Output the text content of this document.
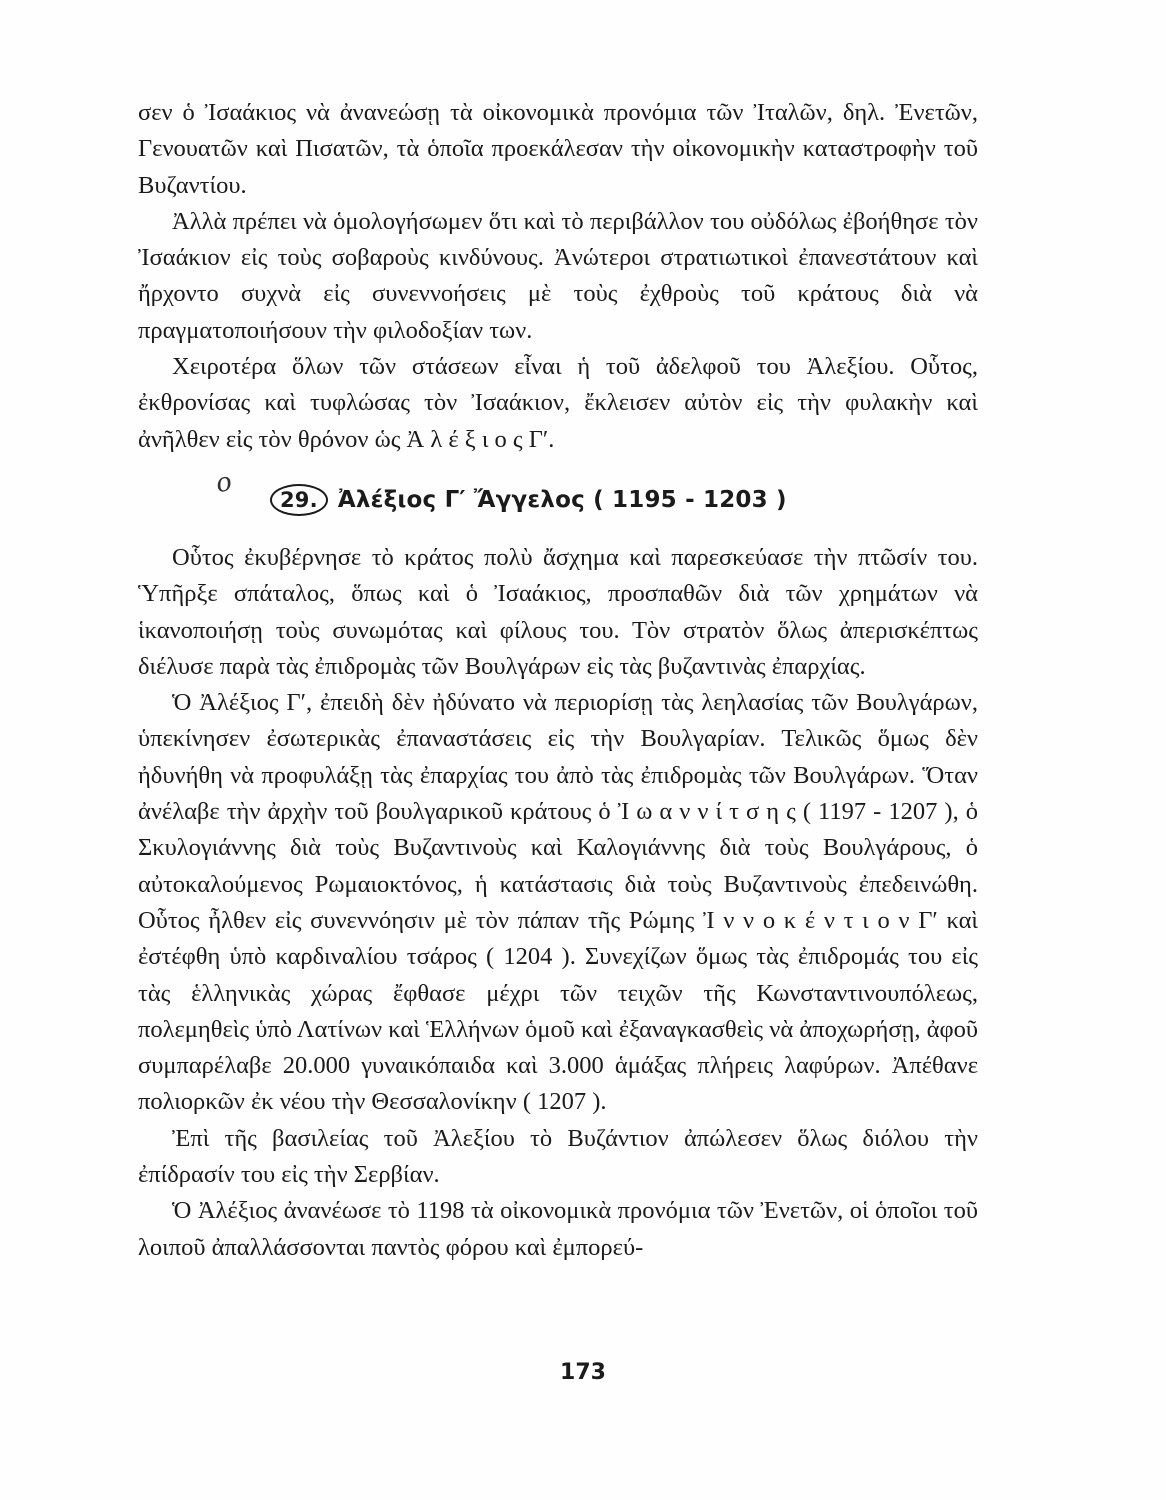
σεν ὁ Ἰσαάκιος νὰ ἀνανεώσῃ τὰ οἰκονομικὰ προνόμια τῶν Ἰταλῶν, δηλ. Ἐνετῶν, Γενουατῶν καὶ Πισατῶν, τὰ ὁποῖα προεκάλεσαν τὴν οἰκονομικὴν καταστροφὴν τοῦ Βυζαντίου.

Ἀλλὰ πρέπει νὰ ὁμολογήσωμεν ὅτι καὶ τὸ περιβάλλον του οὐδόλως ἐβοήθησε τὸν Ἰσαάκιον εἰς τοὺς σοβαροὺς κινδύνους. Ἀνώτεροι στρατιωτικοὶ ἐπανεστάτουν καὶ ἤρχοντο συχνὰ εἰς συνεννοήσεις μὲ τοὺς ἐχθροὺς τοῦ κράτους διὰ νὰ πραγματοποιήσουν τὴν φιλοδοξίαν των.

Χειροτέρα ὅλων τῶν στάσεων εἶναι ἡ τοῦ ἀδελφοῦ του Ἀλεξίου. Οὗτος, ἐκθρονίσας καὶ τυφλώσας τὸν Ἰσαάκιον, ἔκλεισεν αὐτὸν εἰς τὴν φυλακὴν καὶ ἀνῆλθεν εἰς τὸν θρόνον ὡς Ἀ λ έ ξ ι ο ς Γ′.

ο
29. Ἀλέξιος Γ′ Ἄγγελος ( 1195 - 1203 )

Οὗτος ἐκυβέρνησε τὸ κράτος πολὺ ἄσχημα καὶ παρεσκεύασε τὴν πτῶσίν του. Ὑπῆρξε σπάταλος, ὅπως καὶ ὁ Ἰσαάκιος, προσπαθῶν διὰ τῶν χρημάτων νὰ ἱκανοποιήσῃ τοὺς συνωμότας καὶ φίλους του. Τὸν στρατὸν ὅλως ἀπερισκέπτως διέλυσε παρὰ τὰς ἐπιδρομὰς τῶν Βουλγάρων εἰς τὰς βυζαντινὰς ἐπαρχίας.

Ὁ Ἀλέξιος Γ′, ἐπειδὴ δὲν ἠδύνατο νὰ περιορίσῃ τὰς λεηλασίας τῶν Βουλγάρων, ὑπεκίνησεν ἐσωτερικὰς ἐπαναστάσεις εἰς τὴν Βουλγαρίαν. Τελικῶς ὅμως δὲν ἠδυνήθη νὰ προφυλάξῃ τὰς ἐπαρχίας του ἀπὸ τὰς ἐπιδρομὰς τῶν Βουλγάρων. Ὅταν ἀνέλαβε τὴν ἀρχὴν τοῦ βουλγαρικοῦ κράτους ὁ Ἰ ω α ν ν ί τ σ η ς ( 1197 - 1207 ), ὁ Σκυλογιάννης διὰ τοὺς Βυζαντινοὺς καὶ Καλογιάννης διὰ τοὺς Βουλγάρους, ὁ αὐτοκαλούμενος Ρωμαιοκτόνος, ἡ κατάστασις διὰ τοὺς Βυζαντινοὺς ἐπεδεινώθη. Οὗτος ἦλθεν εἰς συνεννόησιν μὲ τὸν πάπαν τῆς Ρώμης Ἰ ν ν ο κ έ ν τ ι ο ν Γ′ καὶ ἐστέφθη ὑπὸ καρδιναλίου τσάρος ( 1204 ). Συνεχίζων ὅμως τὰς ἐπιδρομάς του εἰς τὰς ἑλληνικὰς χώρας ἔφθασε μέχρι τῶν τειχῶν τῆς Κωνσταντινουπόλεως, πολεμηθεὶς ὑπὸ Λατίνων καὶ Ἑλλήνων ὁμοῦ καὶ ἐξαναγκασθεὶς νὰ ἀποχωρήσῃ, ἀφοῦ συμπαρέλαβε 20.000 γυναικόπαιδα καὶ 3.000 ἁμάξας πλήρεις λαφύρων. Ἀπέθανε πολιορκῶν ἐκ νέου τὴν Θεσσαλονίκην ( 1207 ).

Ἐπὶ τῆς βασιλείας τοῦ Ἀλεξίου τὸ Βυζάντιον ἀπώλεσεν ὅλως διόλου τὴν ἐπίδρασίν του εἰς τὴν Σερβίαν.

Ὁ Ἀλέξιος ἀνανέωσε τὸ 1198 τὰ οἰκονομικὰ προνόμια τῶν Ἐνετῶν, οἱ ὁποῖοι τοῦ λοιποῦ ἀπαλλάσσονται παντὸς φόρου καὶ ἐμπορεύ-

173
